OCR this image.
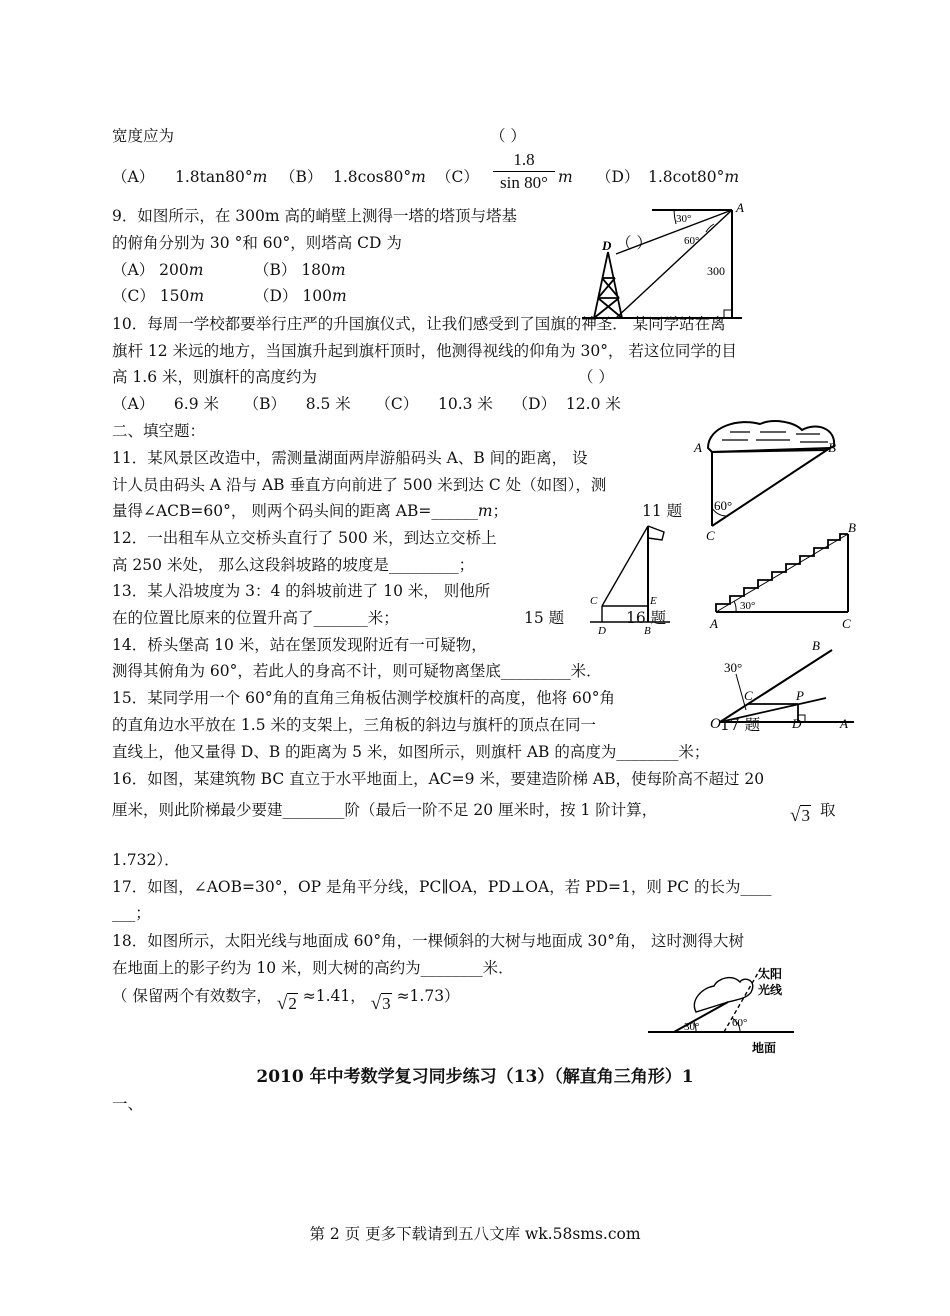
宽度应为	（ ）
（A） 1.8tan80°m （B） 1.8cos80°m $(C) \frac{1.8}{\sin 80^\circ}$ m （D） 1.8cot80°m
9．如图所示，在 300m 高的峭壁上测得一塔的塔顶与塔基
的俯角分别为 30 °和 60°，则塔高 CD 为	（ ）
（A） 200m	（B） 180m
（C） 150m	（D） 100m
30°
60°
300
A
D
10．每周一学校都要举行庄严的升国旗仪式，让我们感受到了国旗的神圣． 某同学站在离
旗杆 12 米远的地方，当国旗升起到旗杆顶时，他测得视线的仰角为 30°， 若这位同学的目
高 1.6 米，则旗杆的高度约为	（ ）
（A）    6.9 米     （B）    8.5 米     （C）    10.3 米    （D）  12.0 米
二、填空题：
11．某风景区改造中，需测量湖面两岸游船码头 A、B 间的距离， 设
计人员由码头 A 沿与 AB 垂直方向前进了 500 米到达 C 处（如图），测
量得∠ACB=60°， 则两个码头间的距离 AB=______m；	11 题
A	B
C
60°
12．一出租车从立交桥头直行了 500 米，到达立交桥上
高 250 米处， 那么这段斜坡路的坡度是_________；
C	E
D	B
30°
A
B
C
13．某人沿坡度为 3：4 的斜坡前进了 10 米， 则他所
在的位置比原来的位置升高了_______米；	15 题	16 题
14．桥头堡高 10 米，站在堡顶发现附近有一可疑物，
测得其俯角为 60°，若此人的身高不计，则可疑物离堡底_________米．	30°
O	A
B
C	P
D
15．某同学用一个 60°角的直角三角板估测学校旗杆的高度，他将 60°角
的直角边水平放在 1.5 米的支架上，三角板的斜边与旗杆的顶点在同一	17 题
直线上，他又量得 D、B 的距离为 5 米，如图所示，则旗杆 AB 的高度为________米；
16．如图，某建筑物 BC 直立于水平地面上，AC=9 米，要建造阶梯 AB，使每阶高不超过 20
厘米，则此阶梯最少要建________阶（最后一阶不足 20 厘米时，按 1 阶计算，	√3 取
1.732）．
17．如图，∠AOB=30°，OP 是角平分线，PC∥OA，PD⊥OA，若 PD=1，则 PC 的长为____
___；
18．如图所示，太阳光线与地面成 60°角，一棵倾斜的大树与地面成 30°角， 这时测得大树
在地面上的影子约为 10 米，则大树的高约为________米．
（ 保留两个有效数字， √2 ≈1.41， √3 ≈1.73）
30°	60°
太阳
光线
地面
2010 年中考数学复习同步练习（13）（解直角三角形）1
一、
第 2 页 更多下载请到五八文库 wk.58sms.com
